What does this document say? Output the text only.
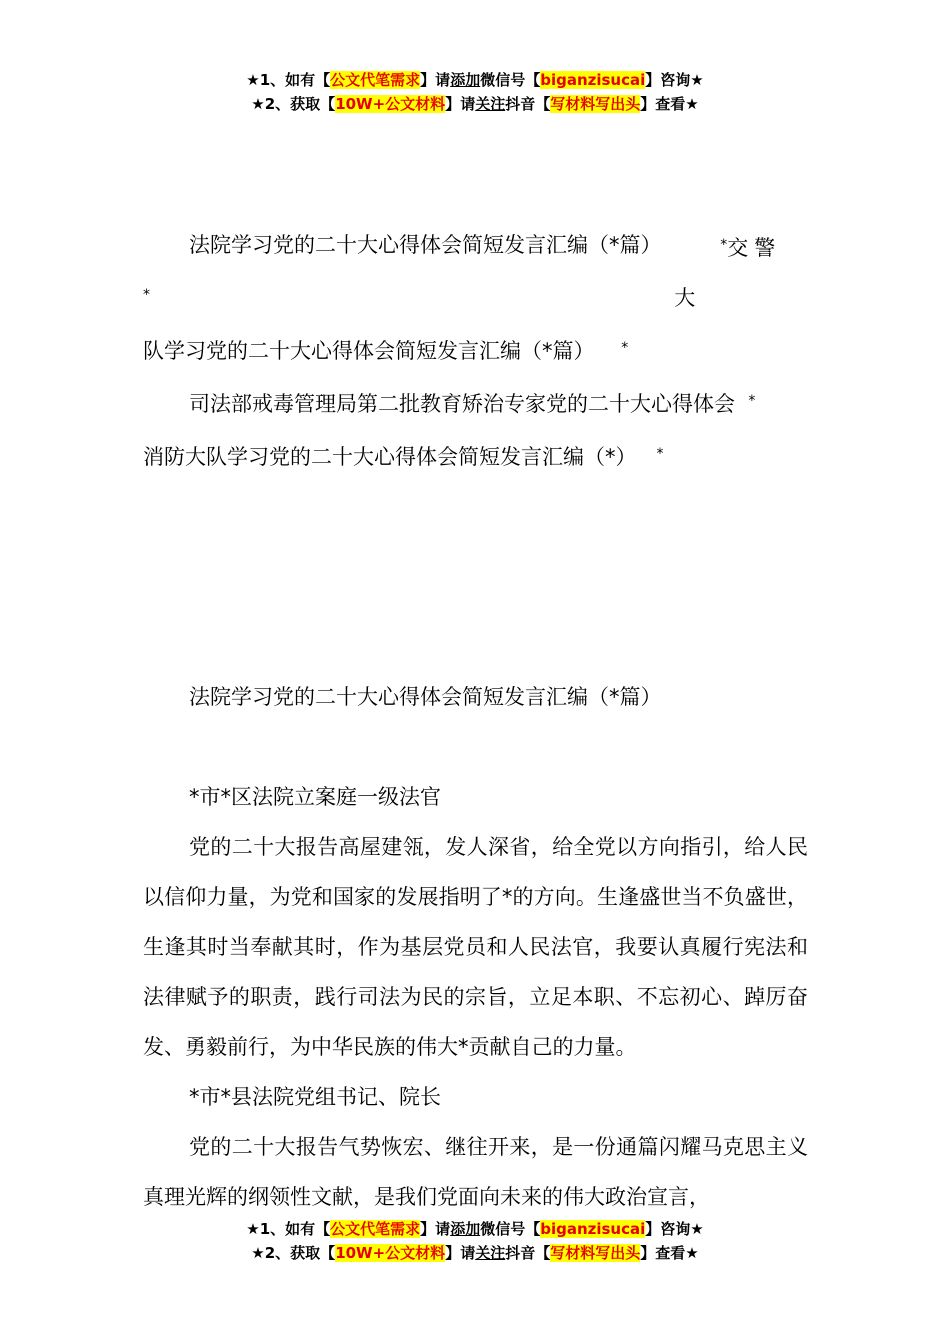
★1、如有【公文代笔需求】请添加微信号【biganzisucai】咨询★
★2、获取【10W+公文材料】请关注抖音【写材料写出头】查看★
法院学习党的二十大心得体会简短发言汇编（*篇） *
*交警大

队学习党的二十大心得体会简短发言汇编（*篇） *

司法部戒毒管理局第二批教育矫治专家党的二十大心得体会 *

消防大队学习党的二十大心得体会简短发言汇编（*） *

法院学习党的二十大心得体会简短发言汇编（*篇）

*市*区法院立案庭一级法官

党的二十大报告高屋建瓴，发人深省，给全党以方向指引，给人民以信仰力量，为党和国家的发展指明了*的方向。生逢盛世当不负盛世，生逢其时当奉献其时，作为基层党员和人民法官，我要认真履行宪法和法律赋予的职责，践行司法为民的宗旨，立足本职、不忘初心、踔厉奋发、勇毅前行，为中华民族的伟大*贡献自己的力量。

*市*县法院党组书记、院长

党的二十大报告气势恢宏、继往开来，是一份通篇闪耀马克思主义真理光辉的纲领性文献，是我们党面向未来的伟大政治宣言，

★1、如有【公文代笔需求】请添加微信号【biganzisucai】咨询★
★2、获取【10W+公文材料】请关注抖音【写材料写出头】查看★
